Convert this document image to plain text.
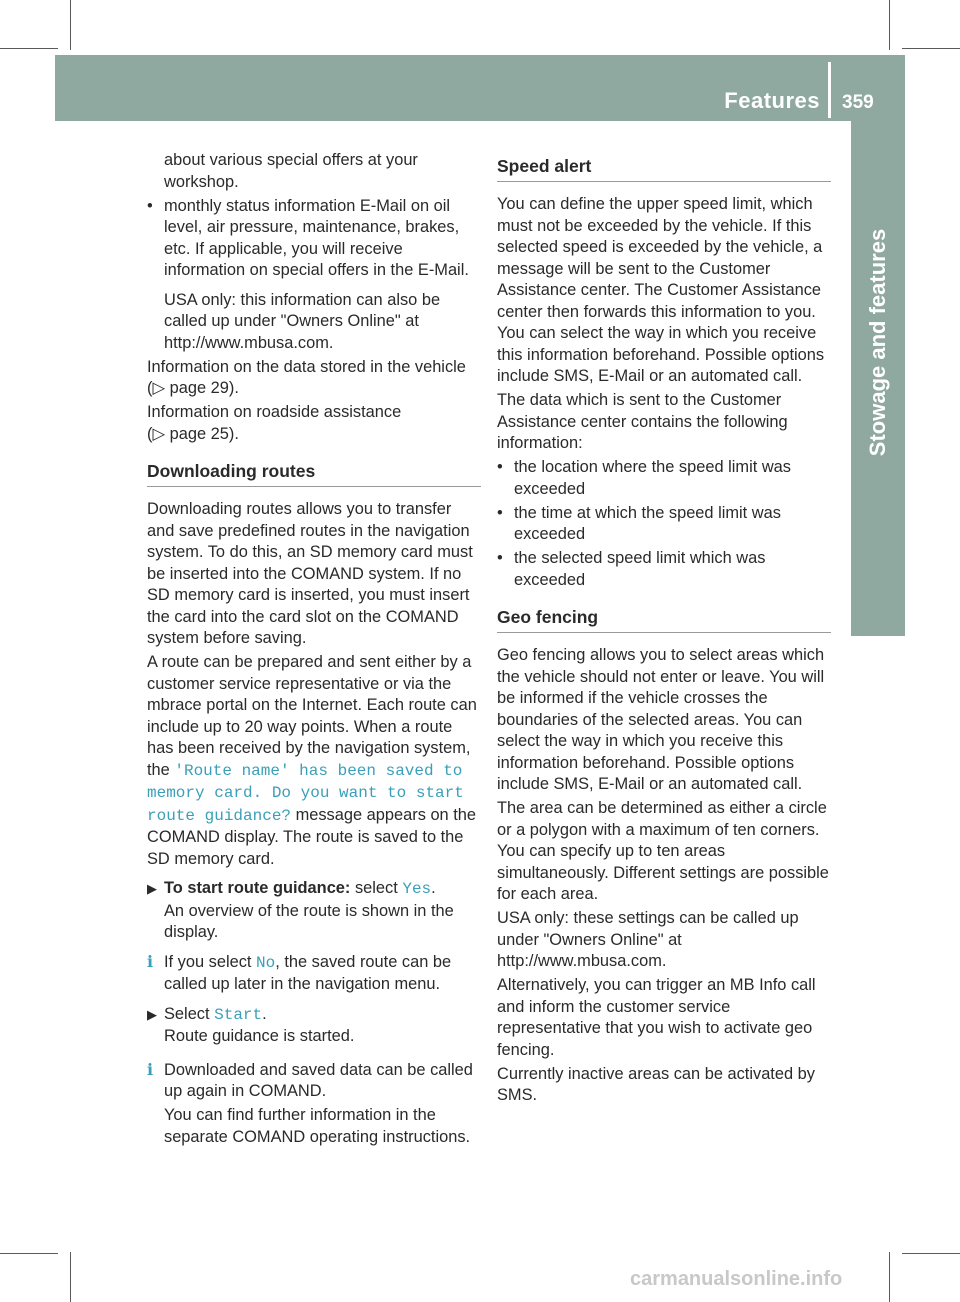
Features 359
Stowage and features

about various special offers at your workshop.

• monthly status information E-Mail on oil level, air pressure, maintenance, brakes, etc. If applicable, you will receive information on special offers in the E-Mail.

USA only: this information can also be called up under "Owners Online" at http://www.mbusa.com.

Information on the data stored in the vehicle
(▷ page 29).

Information on roadside assistance
(▷ page 25).

Downloading routes

Downloading routes allows you to transfer and save predefined routes in the navigation system. To do this, an SD memory card must be inserted into the COMAND system. If no SD memory card is inserted, you must insert the card into the card slot on the COMAND system before saving.

A route can be prepared and sent either by a customer service representative or via the mbrace portal on the Internet. Each route can include up to 20 way points. When a route has been received by the navigation system, the 'Route name' has been saved to memory card. Do you want to start route guidance? message appears on the COMAND display. The route is saved to the SD memory card.

▶ To start route guidance: select Yes.
An overview of the route is shown in the display.

i If you select No, the saved route can be called up later in the navigation menu.

▶ Select Start.
Route guidance is started.

i Downloaded and saved data can be called up again in COMAND.

You can find further information in the separate COMAND operating instructions.

Speed alert

You can define the upper speed limit, which must not be exceeded by the vehicle. If this selected speed is exceeded by the vehicle, a message will be sent to the Customer Assistance center. The Customer Assistance center then forwards this information to you. You can select the way in which you receive this information beforehand. Possible options include SMS, E-Mail or an automated call.

The data which is sent to the Customer Assistance center contains the following information:

• the location where the speed limit was exceeded

• the time at which the speed limit was exceeded

• the selected speed limit which was exceeded

Geo fencing

Geo fencing allows you to select areas which the vehicle should not enter or leave. You will be informed if the vehicle crosses the boundaries of the selected areas. You can select the way in which you receive this information beforehand. Possible options include SMS, E-Mail or an automated call.

The area can be determined as either a circle or a polygon with a maximum of ten corners. You can specify up to ten areas simultaneously. Different settings are possible for each area.

USA only: these settings can be called up under "Owners Online" at http://www.mbusa.com.

Alternatively, you can trigger an MB Info call and inform the customer service representative that you wish to activate geo fencing.

Currently inactive areas can be activated by SMS.

carmanualsonline.info
